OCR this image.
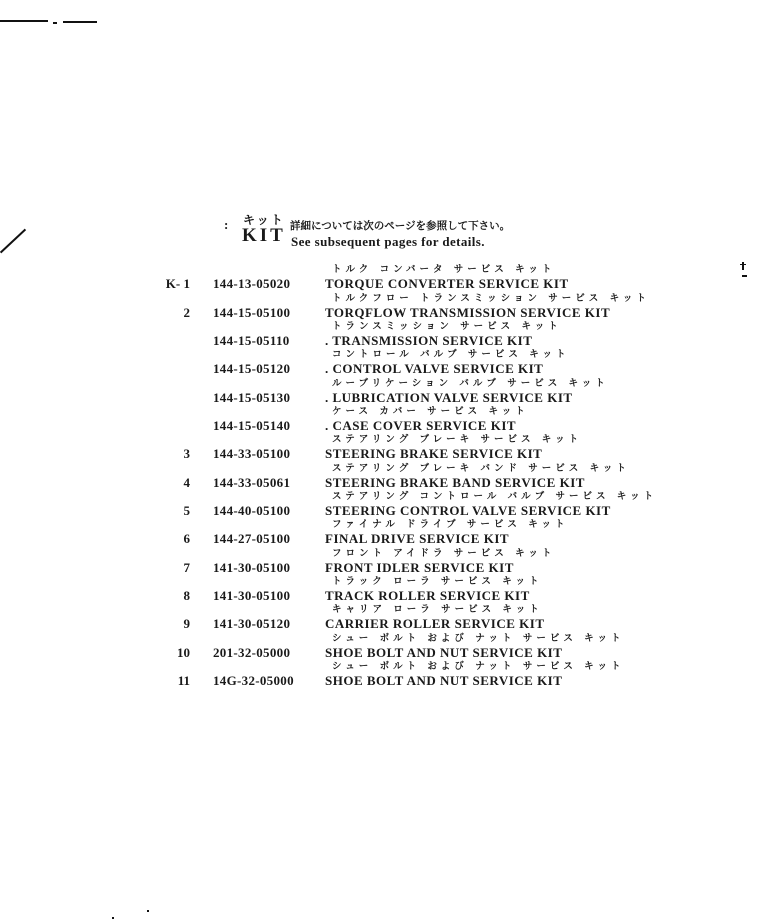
: キット
KIT 詳細については次のページを参照して下さい。
See subsequent pages for details.
K- 1 144-13-05020
トルク コンバータ サービス キット
TORQUE CONVERTER SERVICE KIT
2 144-15-05100
トルクフロー トランスミッション サービス キット
TORQFLOW TRANSMISSION SERVICE KIT
144-15-05110
トランスミッション サービス キット
. TRANSMISSION SERVICE KIT
144-15-05120
コントロール バルブ サービス キット
. CONTROL VALVE SERVICE KIT
144-15-05130
ルーブリケーション バルブ サービス キット
. LUBRICATION VALVE SERVICE KIT
144-15-05140
ケース カバー サービス キット
. CASE COVER SERVICE KIT
3 144-33-05100
ステアリング ブレーキ サービス キット
STEERING BRAKE SERVICE KIT
4 144-33-05061
ステアリング ブレーキ バンド サービス キット
STEERING BRAKE BAND SERVICE KIT
5 144-40-05100
ステアリング コントロール バルブ サービス キット
STEERING CONTROL VALVE SERVICE KIT
6 144-27-05100
ファイナル ドライブ サービス キット
FINAL DRIVE SERVICE KIT
7 141-30-05100
フロント アイドラ サービス キット
FRONT IDLER SERVICE KIT
8 141-30-05100
トラック ローラ サービス キット
TRACK ROLLER SERVICE KIT
9 141-30-05120
キャリア ローラ サービス キット
CARRIER ROLLER SERVICE KIT
10 201-32-05000
シュー ボルト および ナット サービス キット
SHOE BOLT AND NUT SERVICE KIT
11 14G-32-05000
シュー ボルト および ナット サービス キット
SHOE BOLT AND NUT SERVICE KIT
